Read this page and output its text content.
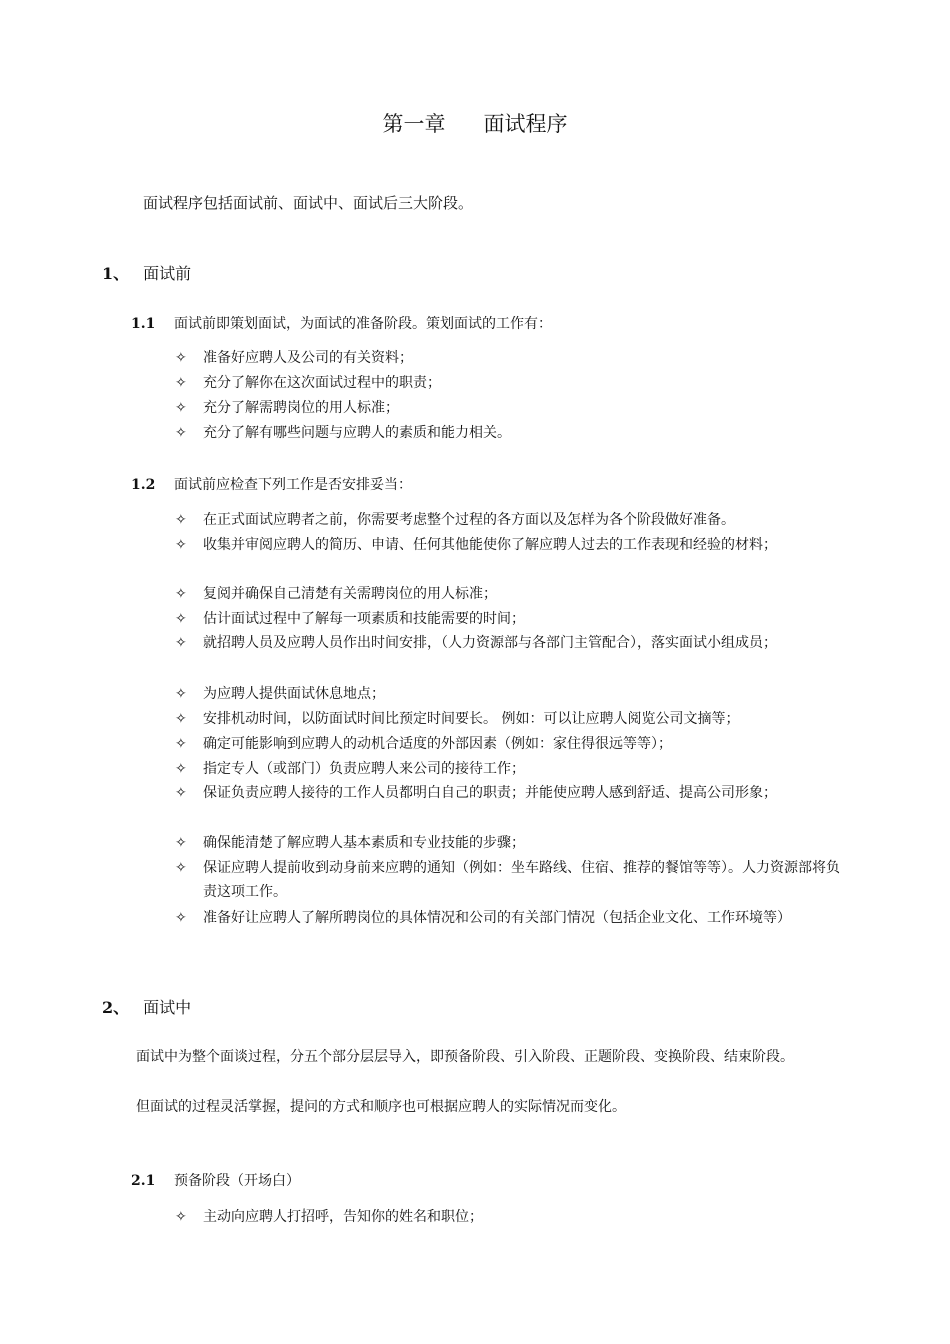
第一章 面试程序
面试程序包括面试前、面试中、面试后三大阶段。
1、 面试前
1.1 面试前即策划面试，为面试的准备阶段。策划面试的工作有：
✧ 准备好应聘人及公司的有关资料；
✧ 充分了解你在这次面试过程中的职责；
✧ 充分了解需聘岗位的用人标准；
✧ 充分了解有哪些问题与应聘人的素质和能力相关。
1.2 面试前应检查下列工作是否安排妥当：
✧ 在正式面试应聘者之前，你需要考虑整个过程的各方面以及怎样为各个阶段做好准备。
✧ 收集并审阅应聘人的简历、申请、任何其他能使你了解应聘人过去的工作表现和经验的材料；
✧ 复阅并确保自己清楚有关需聘岗位的用人标准；
✧ 估计面试过程中了解每一项素质和技能需要的时间；
✧ 就招聘人员及应聘人员作出时间安排，（人力资源部与各部门主管配合），落实面试小组成员；
✧ 为应聘人提供面试休息地点；
✧ 安排机动时间，以防面试时间比预定时间要长。 例如：可以让应聘人阅览公司文摘等；
✧ 确定可能影响到应聘人的动机合适度的外部因素（例如：家住得很远等等）；
✧ 指定专人（或部门）负责应聘人来公司的接待工作；
✧ 保证负责应聘人接待的工作人员都明白自己的职责；并能使应聘人感到舒适、提高公司形象；
✧ 确保能清楚了解应聘人基本素质和专业技能的步骤；
✧ 保证应聘人提前收到动身前来应聘的通知（例如：坐车路线、住宿、推荐的餐馆等等）。人力资源部将负责这项工作。
✧ 准备好让应聘人了解所聘岗位的具体情况和公司的有关部门情况（包括企业文化、工作环境等）
2、 面试中
面试中为整个面谈过程，分五个部分层层导入，即预备阶段、引入阶段、正题阶段、变换阶段、结束阶段。
但面试的过程灵活掌握，提问的方式和顺序也可根据应聘人的实际情况而变化。
2.1 预备阶段（开场白）
✧ 主动向应聘人打招呼，告知你的姓名和职位；
